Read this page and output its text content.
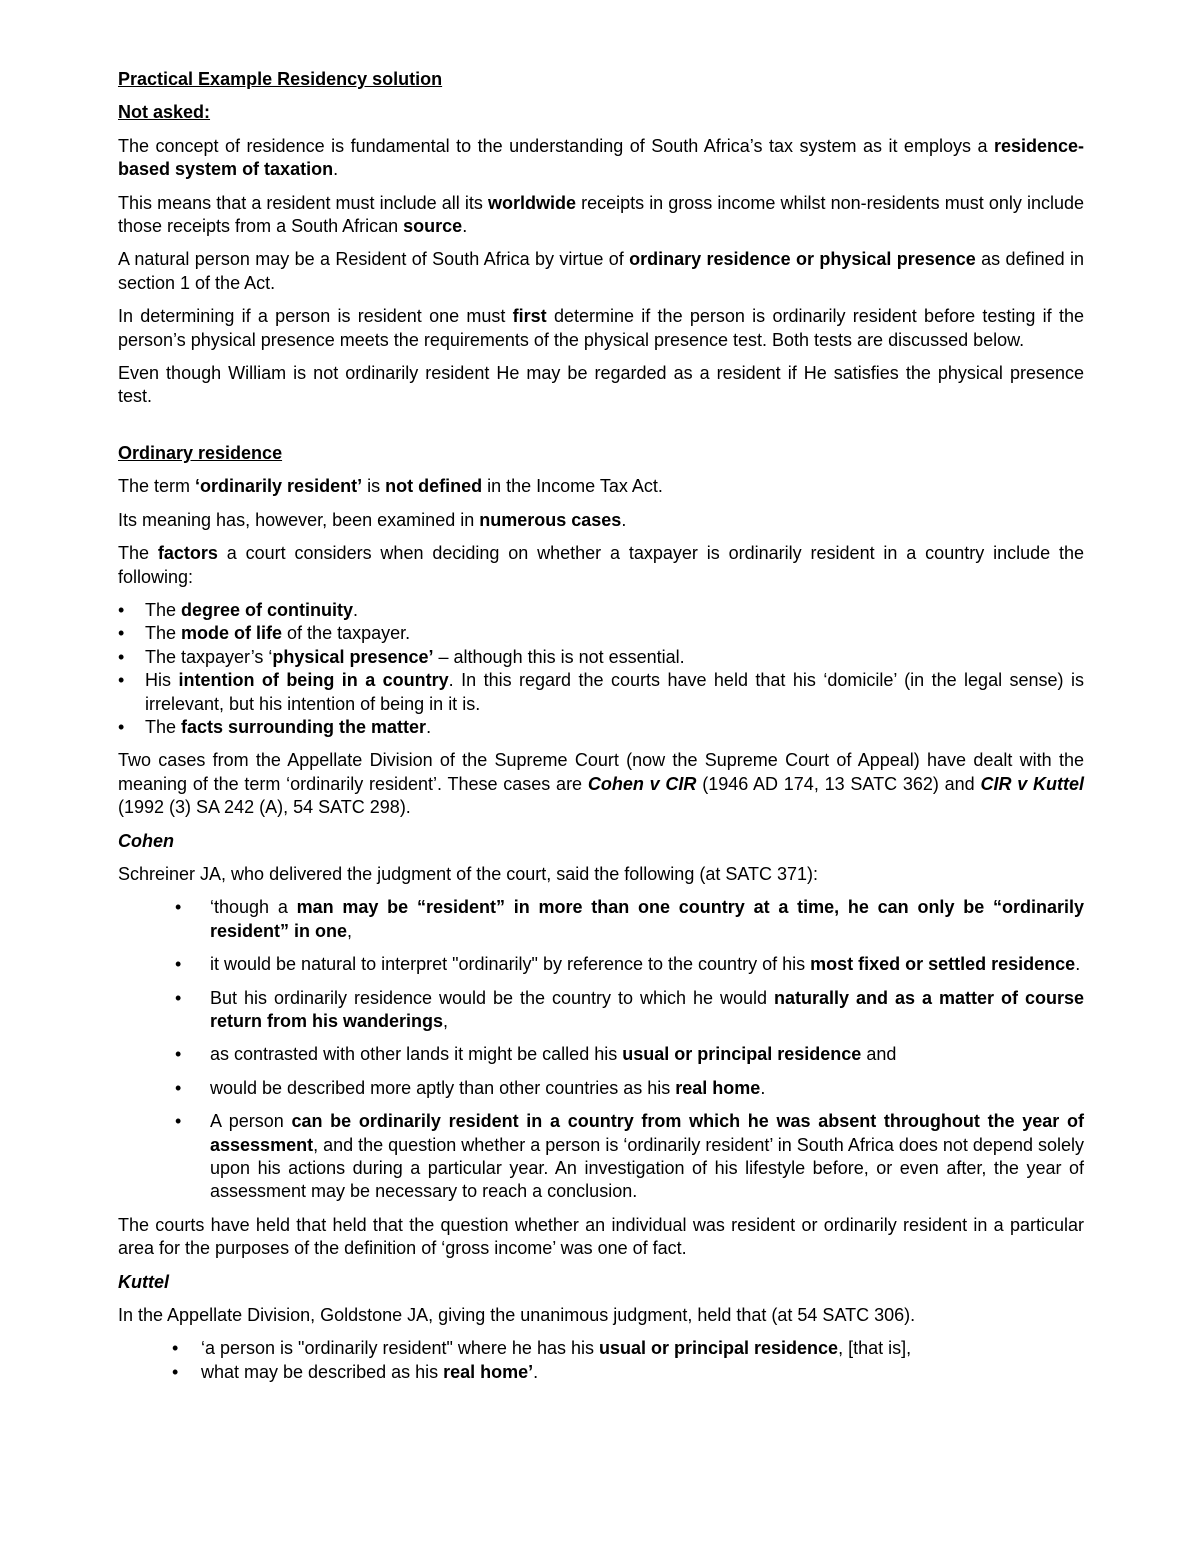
Practical Example Residency solution

Not asked:

The concept of residence is fundamental to the understanding of South Africa’s tax system as it employs a residence-based system of taxation.

This means that a resident must include all its worldwide receipts in gross income whilst non-residents must only include those receipts from a South African source.

A natural person may be a Resident of South Africa by virtue of ordinary residence or physical presence as defined in section 1 of the Act.

In determining if a person is resident one must first determine if the person is ordinarily resident before testing if the person’s physical presence meets the requirements of the physical presence test. Both tests are discussed below.

Even though William is not ordinarily resident He may be regarded as a resident if He satisfies the physical presence test.

Ordinary residence

The term ‘ordinarily resident’ is not defined in the Income Tax Act.

Its meaning has, however, been examined in numerous cases.

The factors a court considers when deciding on whether a taxpayer is ordinarily resident in a country include the following:

• The degree of continuity.
• The mode of life of the taxpayer.
• The taxpayer’s ‘physical presence’ – although this is not essential.
• His intention of being in a country. In this regard the courts have held that his ‘domicile’ (in the legal sense) is irrelevant, but his intention of being in it is.
• The facts surrounding the matter.

Two cases from the Appellate Division of the Supreme Court (now the Supreme Court of Appeal) have dealt with the meaning of the term ‘ordinarily resident’. These cases are Cohen v CIR (1946 AD 174, 13 SATC 362) and CIR v Kuttel (1992 (3) SA 242 (A), 54 SATC 298).

Cohen

Schreiner JA, who delivered the judgment of the court, said the following (at SATC 371):

• ‘though a man may be “resident” in more than one country at a time, he can only be “ordinarily resident” in one,
• it would be natural to interpret "ordinarily" by reference to the country of his most fixed or settled residence.
• But his ordinarily residence would be the country to which he would naturally and as a matter of course return from his wanderings,
• as contrasted with other lands it might be called his usual or principal residence and
• would be described more aptly than other countries as his real home.
• A person can be ordinarily resident in a country from which he was absent throughout the year of assessment, and the question whether a person is ‘ordinarily resident’ in South Africa does not depend solely upon his actions during a particular year. An investigation of his lifestyle before, or even after, the year of assessment may be necessary to reach a conclusion.

The courts have held that held that the question whether an individual was resident or ordinarily resident in a particular area for the purposes of the definition of ‘gross income’ was one of fact.

Kuttel

In the Appellate Division, Goldstone JA, giving the unanimous judgment, held that (at 54 SATC 306).

• ‘a person is "ordinarily resident" where he has his usual or principal residence, [that is],
• what may be described as his real home’.
